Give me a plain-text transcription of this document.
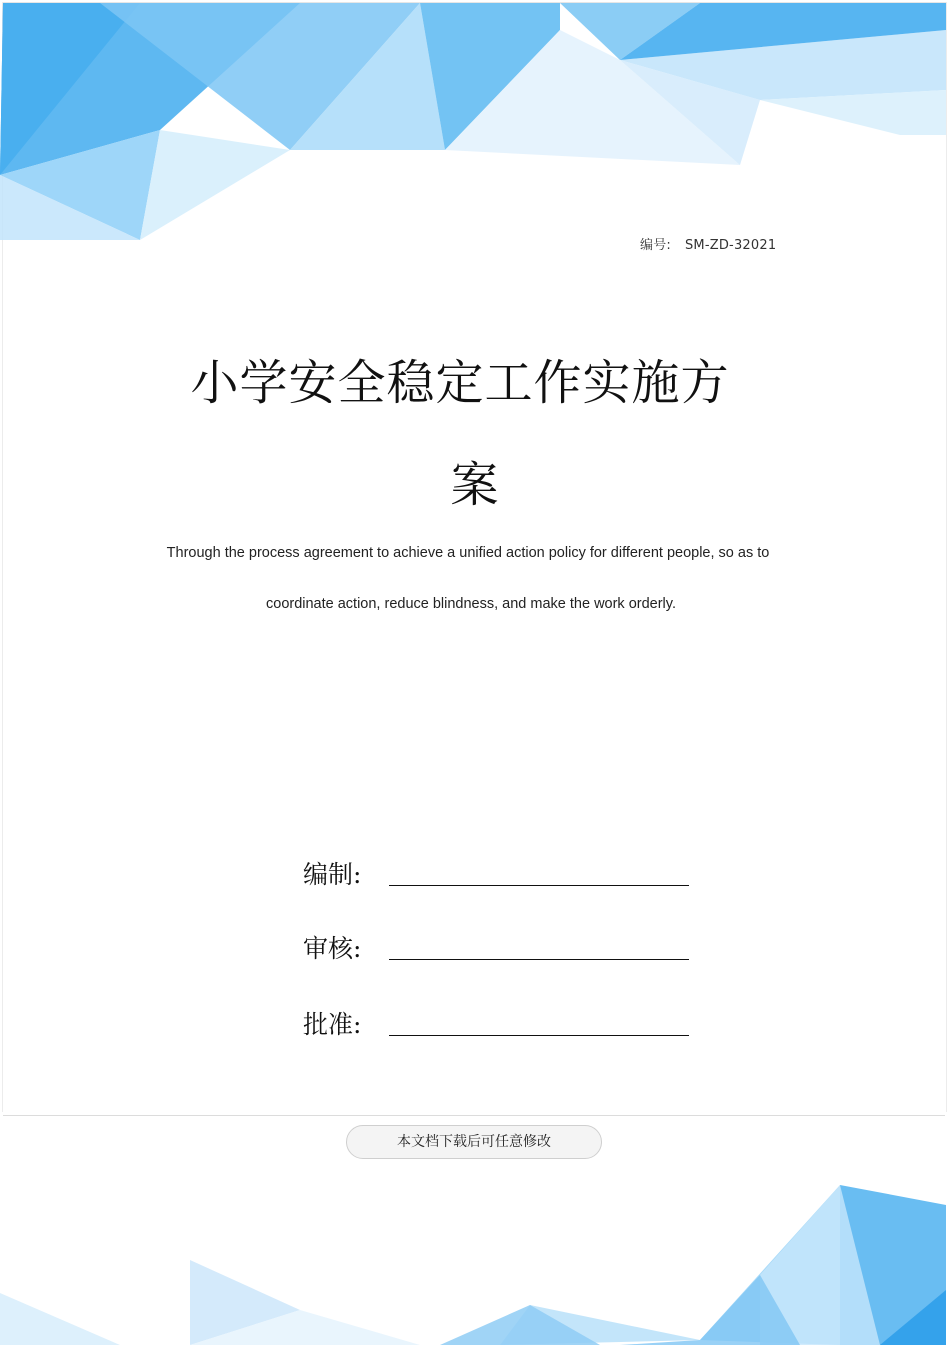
编号: SM-ZD-32021
小学安全稳定工作实施方
案

Through the process agreement to achieve a unified action policy for different people, so as to

coordinate action, reduce blindness, and make the work orderly.

编制:
审核:
批准:
本文档下载后可任意修改
